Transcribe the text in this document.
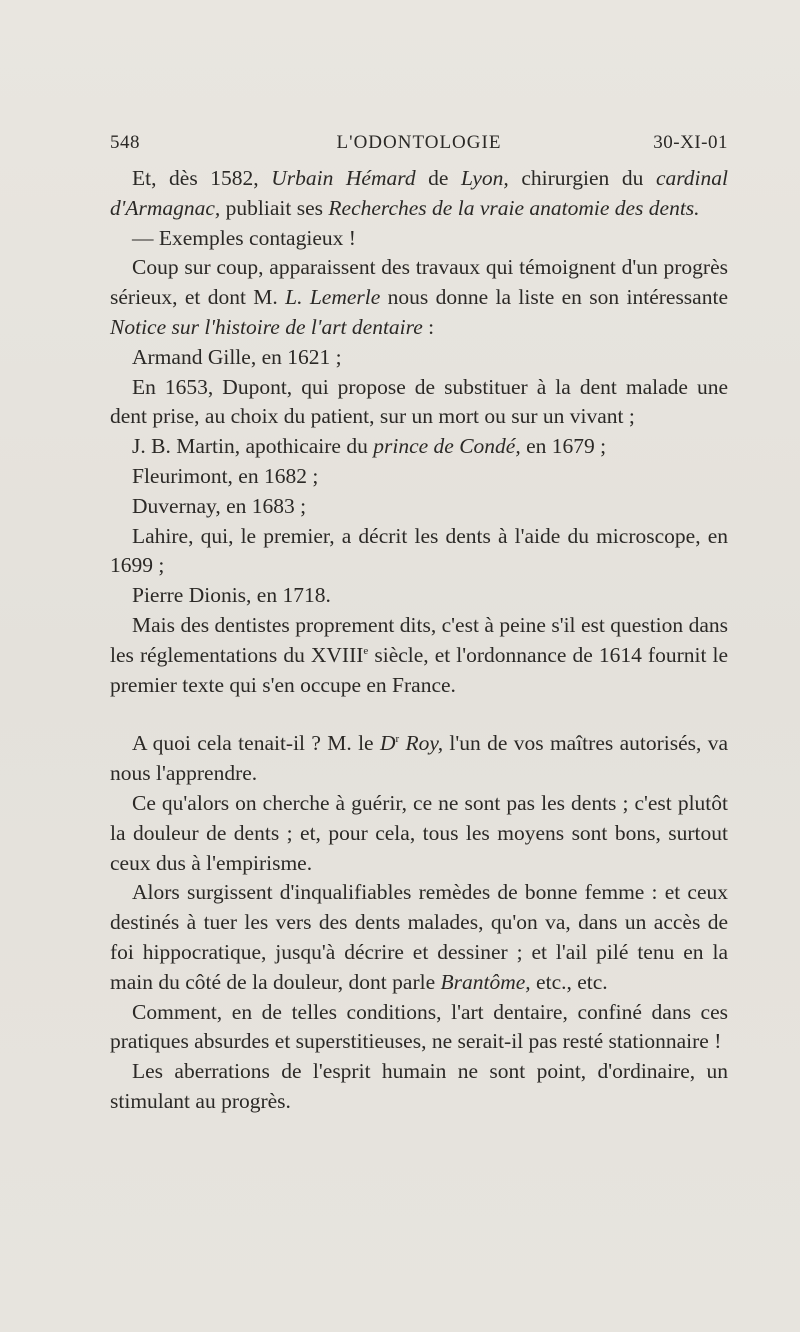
548	L'ODONTOLOGIE	30-XI-01

Et, dès 1582, Urbain Hémard de Lyon, chirurgien du cardinal d'Armagnac, publiait ses Recherches de la vraie anatomie des dents.

— Exemples contagieux !

Coup sur coup, apparaissent des travaux qui témoignent d'un progrès sérieux, et dont M. L. Lemerle nous donne la liste en son intéressante Notice sur l'histoire de l'art dentaire :

Armand Gille, en 1621 ;

En 1653, Dupont, qui propose de substituer à la dent malade une dent prise, au choix du patient, sur un mort ou sur un vivant ;

J. B. Martin, apothicaire du prince de Condé, en 1679 ;

Fleurimont, en 1682 ;

Duvernay, en 1683 ;

Lahire, qui, le premier, a décrit les dents à l'aide du microscope, en 1699 ;

Pierre Dionis, en 1718.

Mais des dentistes proprement dits, c'est à peine s'il est question dans les réglementations du XVIIIe siècle, et l'ordonnance de 1614 fournit le premier texte qui s'en occupe en France.

A quoi cela tenait-il ? M. le $D^r$ Roy, l'un de vos maîtres autorisés, va nous l'apprendre.

Ce qu'alors on cherche à guérir, ce ne sont pas les dents ; c'est plutôt la douleur de dents ; et, pour cela, tous les moyens sont bons, surtout ceux dus à l'empirisme.

Alors surgissent d'inqualifiables remèdes de bonne femme : et ceux destinés à tuer les vers des dents malades, qu'on va, dans un accès de foi hippocratique, jusqu'à décrire et dessiner ; et l'ail pilé tenu en la main du côté de la douleur, dont parle Brantôme, etc., etc.

Comment, en de telles conditions, l'art dentaire, confiné dans ces pratiques absurdes et superstitieuses, ne serait-il pas resté stationnaire !

Les aberrations de l'esprit humain ne sont point, d'ordinaire, un stimulant au progrès.
